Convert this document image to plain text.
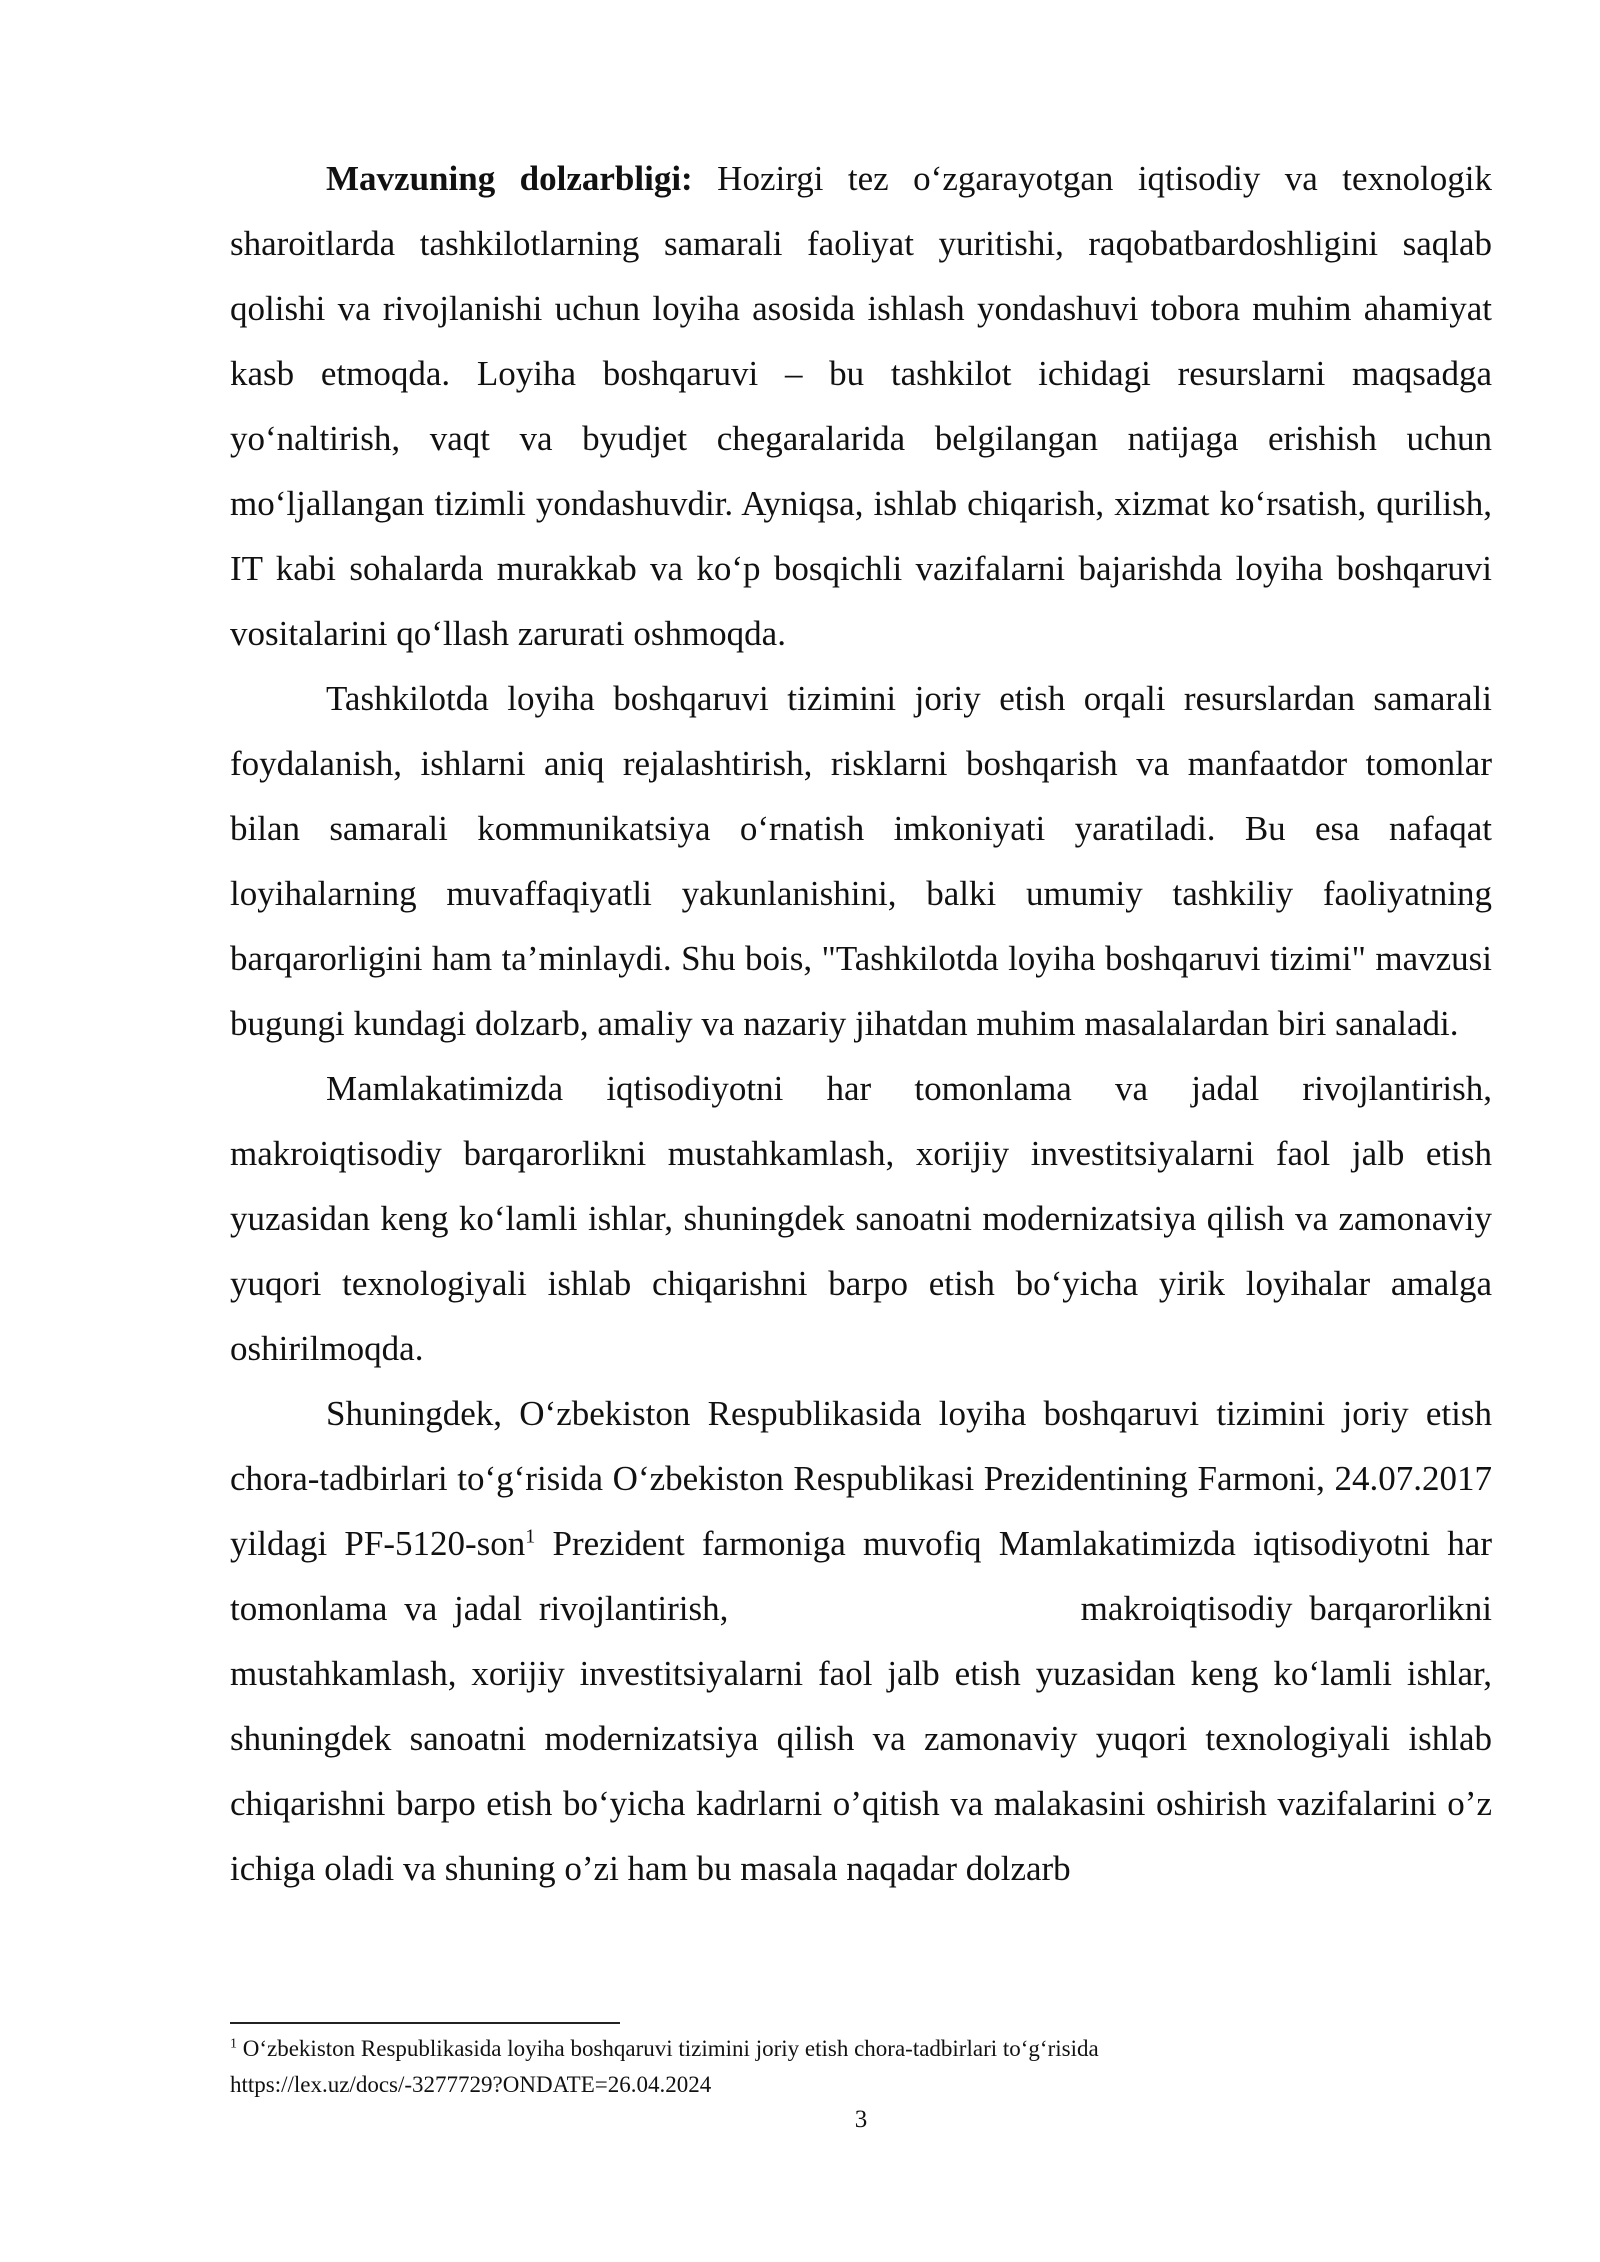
Mavzuning dolzarbligi: Hozirgi tez o‘zgarayotgan iqtisodiy va texnologik sharoitlarda tashkilotlarning samarali faoliyat yuritishi, raqobatbardoshligini saqlab qolishi va rivojlanishi uchun loyiha asosida ishlash yondashuvi tobora muhim ahamiyat kasb etmoqda. Loyiha boshqaruvi – bu tashkilot ichidagi resurslarni maqsadga yo‘naltirish, vaqt va byudjet chegaralarida belgilangan natijaga erishish uchun mo‘ljallangan tizimli yondashuvdir. Ayniqsa, ishlab chiqarish, xizmat ko‘rsatish, qurilish, IT kabi sohalarda murakkab va ko‘p bosqichli vazifalarni bajarishda loyiha boshqaruvi vositalarini qo‘llash zarurati oshmoqda.

Tashkilotda loyiha boshqaruvi tizimini joriy etish orqali resurslardan samarali foydalanish, ishlarni aniq rejalashtirish, risklarni boshqarish va manfaatdor tomonlar bilan samarali kommunikatsiya o‘rnatish imkoniyati yaratiladi. Bu esa nafaqat loyihalarning muvaffaqiyatli yakunlanishini, balki umumiy tashkiliy faoliyatning barqarorligini ham ta’minlaydi. Shu bois, "Tashkilotda loyiha boshqaruvi tizimi" mavzusi bugungi kundagi dolzarb, amaliy va nazariy jihatdan muhim masalalardan biri sanaladi.

Mamlakatimizda iqtisodiyotni har tomonlama va jadal rivojlantirish, makroiqtisodiy barqarorlikni mustahkamlash, xorijiy investitsiyalarni faol jalb etish yuzasidan keng ko‘lamli ishlar, shuningdek sanoatni modernizatsiya qilish va zamonaviy yuqori texnologiyali ishlab chiqarishni barpo etish bo‘yicha yirik loyihalar amalga oshirilmoqda.

Shuningdek, O‘zbekiston Respublikasida loyiha boshqaruvi tizimini joriy etish chora-tadbirlari to‘g‘risida O‘zbekiston Respublikasi Prezidentining Farmoni, 24.07.2017 yildagi PF-5120-son$^1$ Prezident farmoniga muvofiq Mamlakatimizda iqtisodiyotni har tomonlama va jadal rivojlantirish,                     makroiqtisodiy barqarorlikni mustahkamlash, xorijiy investitsiyalarni faol jalb etish yuzasidan keng ko‘lamli ishlar, shuningdek sanoatni modernizatsiya qilish va zamonaviy yuqori texnologiyali ishlab chiqarishni barpo etish bo‘yicha kadrlarni o’qitish va malakasini oshirish vazifalarini o’z ichiga oladi va shuning o’zi ham bu masala naqadar dolzarb

$^1$ O‘zbekiston Respublikasida loyiha boshqaruvi tizimini joriy etish chora-tadbirlari to‘g‘risida
https://lex.uz/docs/-3277729?ONDATE=26.04.2024
3
